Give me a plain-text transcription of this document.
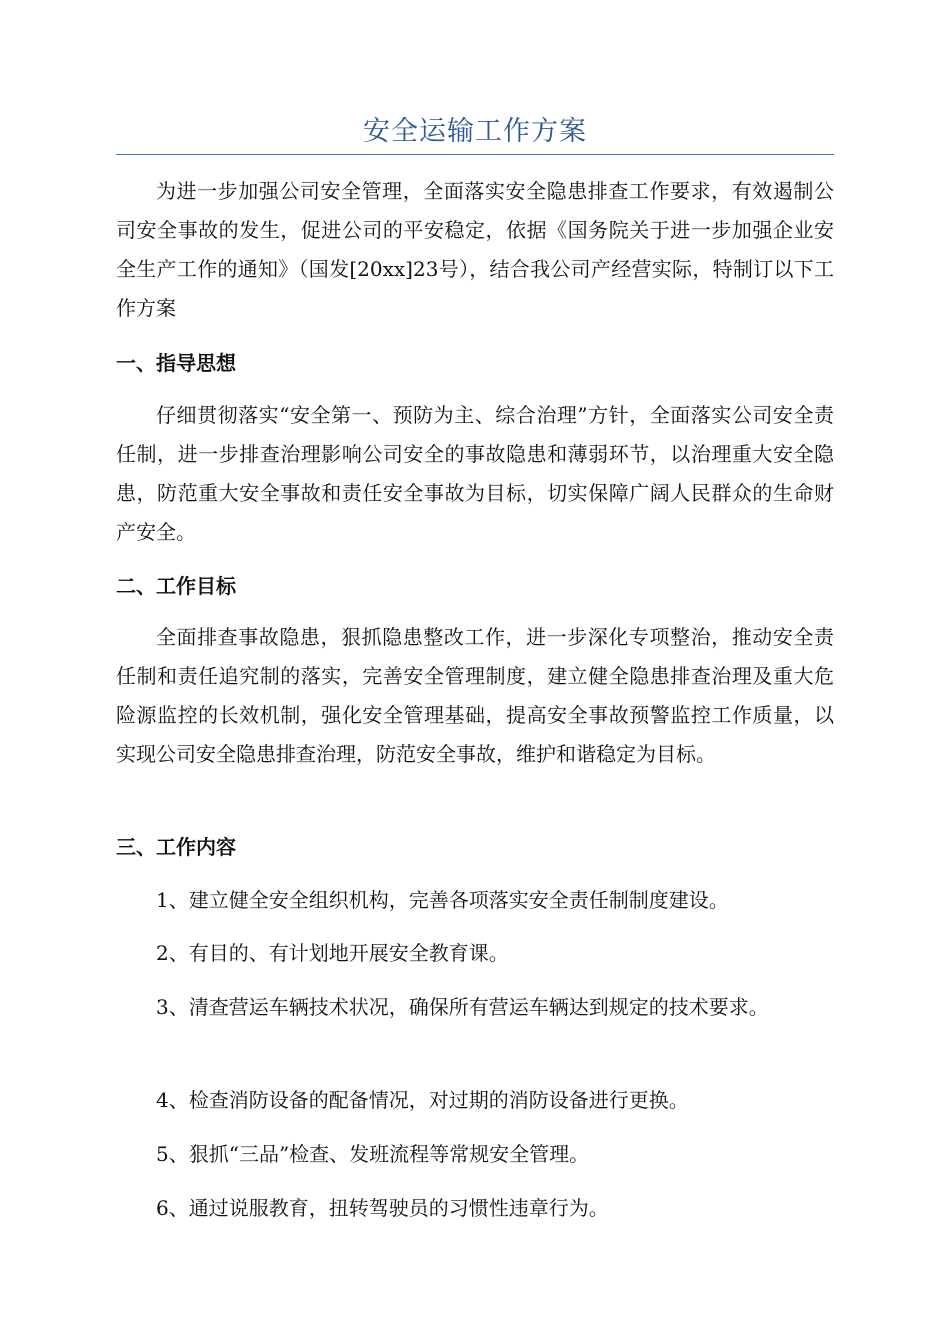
安全运输工作方案

为进一步加强公司安全管理，全面落实安全隐患排查工作要求，有效遏制公司安全事故的发生，促进公司的平安稳定，依据《国务院关于进一步加强企业安全生产工作的通知》（国发[20xx]23号），结合我公司产经营实际，特制订以下工作方案

一、指导思想

仔细贯彻落实“安全第一、预防为主、综合治理”方针，全面落实公司安全责任制，进一步排查治理影响公司安全的事故隐患和薄弱环节，以治理重大安全隐患，防范重大安全事故和责任安全事故为目标，切实保障广阔人民群众的生命财产安全。

二、工作目标

全面排查事故隐患，狠抓隐患整改工作，进一步深化专项整治，推动安全责任制和责任追究制的落实，完善安全管理制度，建立健全隐患排查治理及重大危险源监控的长效机制，强化安全管理基础，提高安全事故预警监控工作质量，以实现公司安全隐患排查治理，防范安全事故，维护和谐稳定为目标。

三、工作内容

1、建立健全安全组织机构，完善各项落实安全责任制制度建设。

2、有目的、有计划地开展安全教育课。

3、清查营运车辆技术状况，确保所有营运车辆达到规定的技术要求。

4、检查消防设备的配备情况，对过期的消防设备进行更换。

5、狠抓“三品”检查、发班流程等常规安全管理。

6、通过说服教育，扭转驾驶员的习惯性违章行为。
